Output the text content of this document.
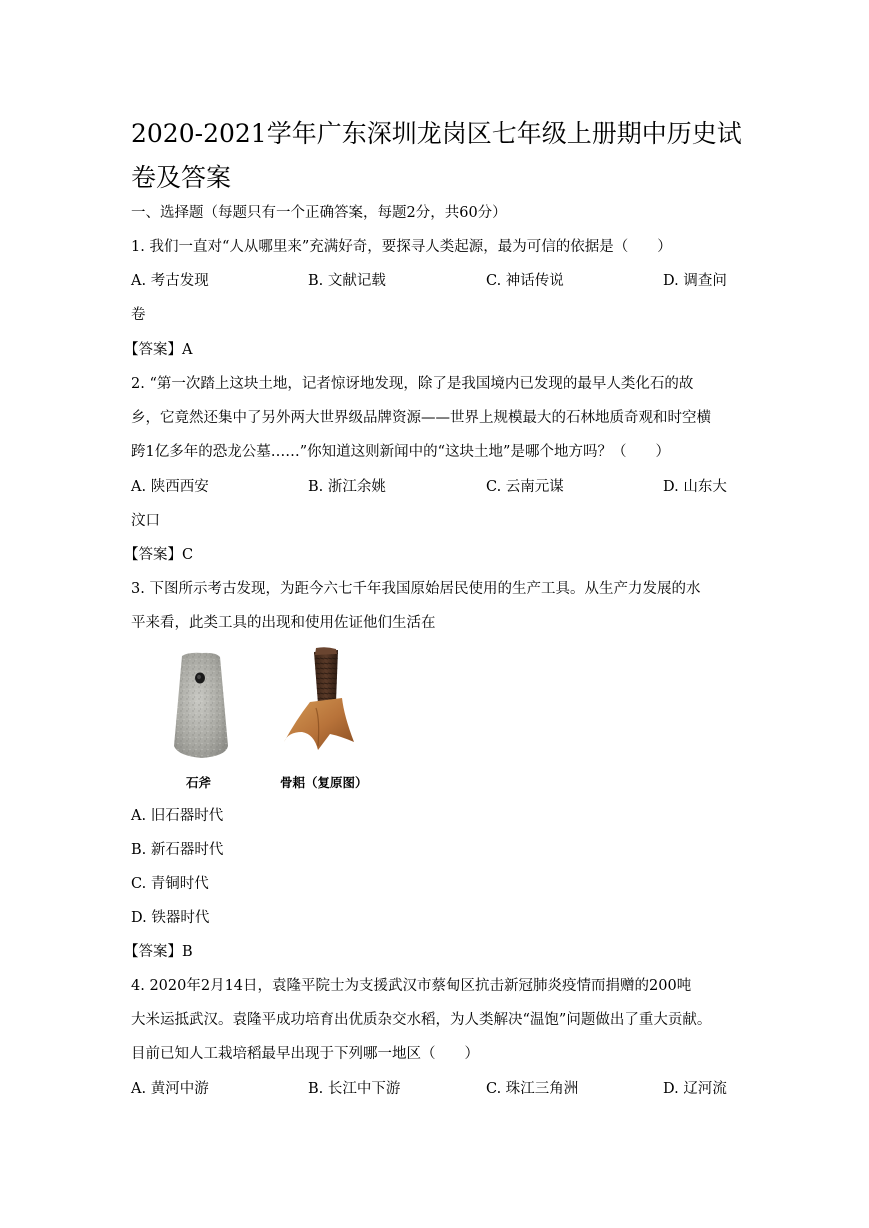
2020-2021学年广东深圳龙岗区七年级上册期中历史试卷及答案
一、选择题（每题只有一个正确答案，每题2分，共60分）
1. 我们一直对“人从哪里来”充满好奇，要探寻人类起源，最为可信的依据是（　　）
A. 考古发现	B. 文献记载	C. 神话传说	D. 调查问
卷
【答案】A
2. “第一次踏上这块土地，记者惊讶地发现，除了是我国境内已发现的最早人类化石的故
乡，它竟然还集中了另外两大世界级品牌资源——世界上规模最大的石林地质奇观和时空横
跨1亿多年的恐龙公墓……”你知道这则新闻中的“这块土地”是哪个地方吗？（　　）
A. 陕西西安	B. 浙江余姚	C. 云南元谋	D. 山东大
汶口
【答案】C
3. 下图所示考古发现，为距今六七千年我国原始居民使用的生产工具。从生产力发展的水
平来看，此类工具的出现和使用佐证他们生活在
石斧	骨耜（复原图）
A. 旧石器时代
B. 新石器时代
C. 青铜时代
D. 铁器时代
【答案】B
4. 2020年2月14日，袁隆平院士为支援武汉市蔡甸区抗击新冠肺炎疫情而捐赠的200吨
大米运抵武汉。袁隆平成功培育出优质杂交水稻，为人类解决“温饱”问题做出了重大贡献。
目前已知人工栽培稻最早出现于下列哪一地区（　　）
A. 黄河中游	B. 长江中下游	C. 珠江三角洲	D. 辽河流
